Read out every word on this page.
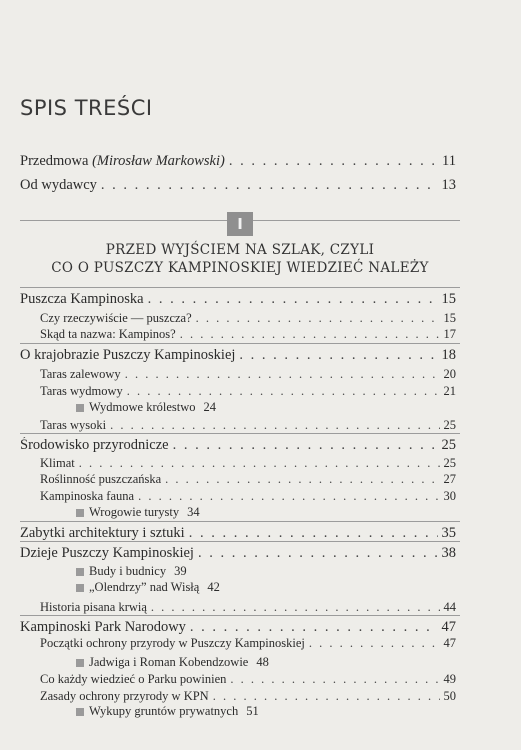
SPIS TREŚCI
Przedmowa (Mirosław Markowski) . . .	11
Od wydawcy . . .	13
I
PRZED WYJŚCIEM NA SZLAK, CZYLI
CO O PUSZCZY KAMPINOSKIEJ WIEDZIEĆ NALEŻY
Puszcza Kampinoska . . .	15
Czy rzeczywiście — puszcza? . . .	15
Skąd ta nazwa: Kampinos? . . .	17
O krajobrazie Puszczy Kampinoskiej . . .	18
Taras zalewowy . . .	20
Taras wydmowy . . .	21
Wydmowe królestwo 24
Taras wysoki . . .	25
Środowisko przyrodnicze . . .	25
Klimat . . .	25
Roślinność puszczańska . . .	27
Kampinoska fauna . . .	30
Wrogowie turysty 34
Zabytki architektury i sztuki . . .	35
Dzieje Puszczy Kampinoskiej . . .	38
Budy i budnicy 39
„Olendrzy” nad Wisłą 42
Historia pisana krwią . . .	44
Kampinoski Park Narodowy . . .	47
Początki ochrony przyrody w Puszczy Kampinoskiej . . .	47
Jadwiga i Roman Kobendzowie 48
Co każdy wiedzieć o Parku powinien . . .	49
Zasady ochrony przyrody w KPN . . .	50
Wykupy gruntów prywatnych 51
